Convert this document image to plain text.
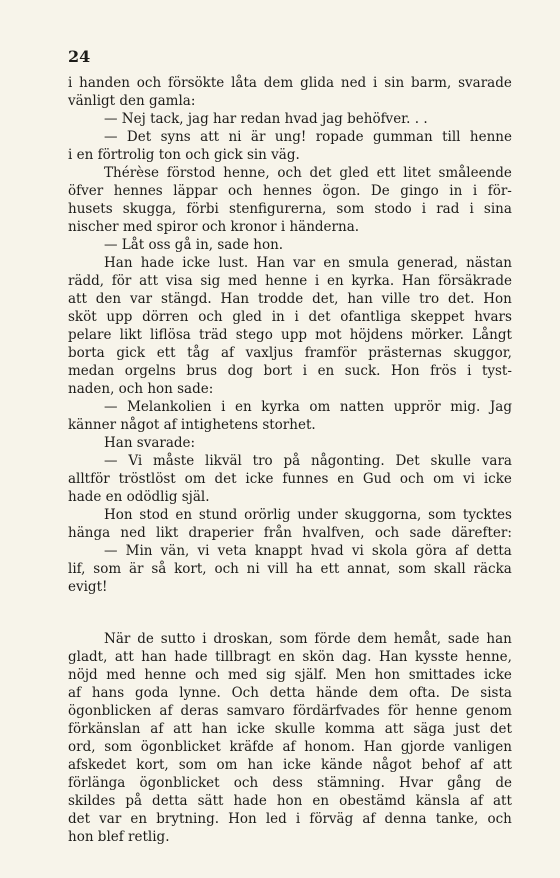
24
i handen och försökte låta dem glida ned i sin barm, svarade
vänligt den gamla:
— Nej tack, jag har redan hvad jag behöfver. . .
— Det syns att ni är ung! ropade gumman till henne
i en förtrolig ton och gick sin väg.
Thérèse förstod henne, och det gled ett litet småleende
öfver hennes läppar och hennes ögon. De gingo in i för-
husets skugga, förbi stenfigurerna, som stodo i rad i sina
nischer med spiror och kronor i händerna.
— Låt oss gå in, sade hon.
Han hade icke lust. Han var en smula generad, nästan
rädd, för att visa sig med henne i en kyrka. Han försäkrade
att den var stängd. Han trodde det, han ville tro det. Hon
sköt upp dörren och gled in i det ofantliga skeppet hvars
pelare likt liflösa träd stego upp mot höjdens mörker. Långt
borta gick ett tåg af vaxljus framför prästernas skuggor,
medan orgelns brus dog bort i en suck. Hon frös i tyst-
naden, och hon sade:
— Melankolien i en kyrka om natten upprör mig. Jag
känner något af intighetens storhet.
Han svarade:
— Vi måste likväl tro på någonting. Det skulle vara
alltför tröstlöst om det icke funnes en Gud och om vi icke
hade en odödlig själ.
Hon stod en stund orörlig under skuggorna, som tycktes
hänga ned likt draperier från hvalfven, och sade därefter:
— Min vän, vi veta knappt hvad vi skola göra af detta
lif, som är så kort, och ni vill ha ett annat, som skall räcka
evigt!
När de sutto i droskan, som förde dem hemåt, sade han
gladt, att han hade tillbragt en skön dag. Han kysste henne,
nöjd med henne och med sig själf. Men hon smittades icke
af hans goda lynne. Och detta hände dem ofta. De sista
ögonblicken af deras samvaro fördärfvades för henne genom
förkänslan af att han icke skulle komma att säga just det
ord, som ögonblicket kräfde af honom. Han gjorde vanligen
afskedet kort, som om han icke kände något behof af att
förlänga ögonblicket och dess stämning. Hvar gång de
skildes på detta sätt hade hon en obestämd känsla af att
det var en brytning. Hon led i förväg af denna tanke, och
hon blef retlig.
